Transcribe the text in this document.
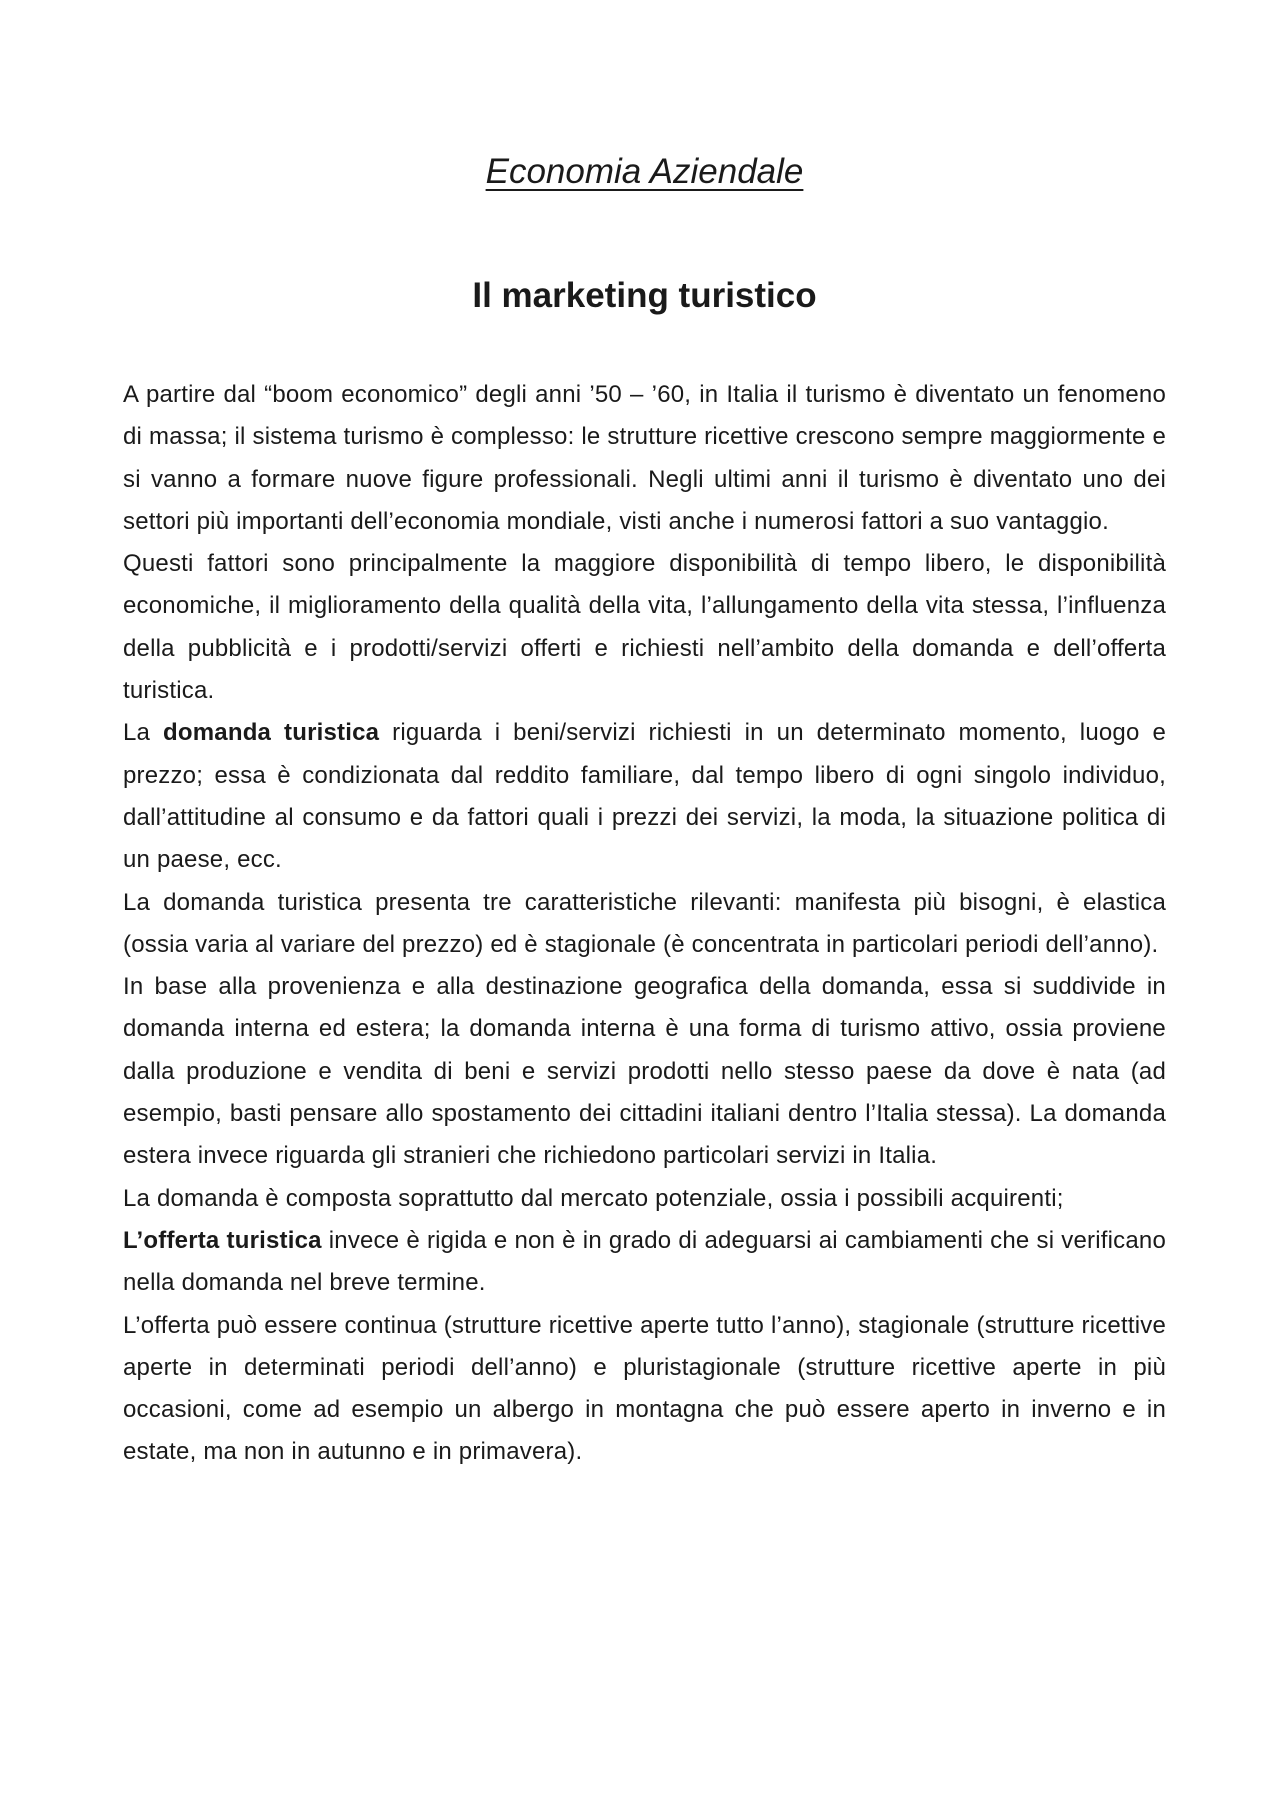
Economia Aziendale
Il marketing turistico

A partire dal “boom economico” degli anni ’50 – ’60, in Italia il turismo è diventato un fenomeno di massa; il sistema turismo è complesso: le strutture ricettive crescono sempre maggiormente e si vanno a formare nuove figure professionali. Negli ultimi anni il turismo è diventato uno dei settori più importanti dell’economia mondiale, visti anche i numerosi fattori a suo vantaggio.

Questi fattori sono principalmente la maggiore disponibilità di tempo libero, le disponibilità economiche, il miglioramento della qualità della vita, l’allungamento della vita stessa, l’influenza della pubblicità e i prodotti/servizi offerti e richiesti nell’ambito della domanda e dell’offerta turistica.

La domanda turistica riguarda i beni/servizi richiesti in un determinato momento, luogo e prezzo; essa è condizionata dal reddito familiare, dal tempo libero di ogni singolo individuo, dall’attitudine al consumo e da fattori quali i prezzi dei servizi, la moda, la situazione politica di un paese, ecc.

La domanda turistica presenta tre caratteristiche rilevanti: manifesta più bisogni, è elastica (ossia varia al variare del prezzo) ed è stagionale (è concentrata in particolari periodi dell’anno).

In base alla provenienza e alla destinazione geografica della domanda, essa si suddivide in domanda interna ed estera; la domanda interna è una forma di turismo attivo, ossia proviene dalla produzione e vendita di beni e servizi prodotti nello stesso paese da dove è nata (ad esempio, basti pensare allo spostamento dei cittadini italiani dentro l’Italia stessa). La domanda estera invece riguarda gli stranieri che richiedono particolari servizi in Italia.

La domanda è composta soprattutto dal mercato potenziale, ossia i possibili acquirenti;

L’offerta turistica invece è rigida e non è in grado di adeguarsi ai cambiamenti che si verificano nella domanda nel breve termine.

L’offerta può essere continua (strutture ricettive aperte tutto l’anno), stagionale (strutture ricettive aperte in determinati periodi dell’anno) e pluristagionale (strutture ricettive aperte in più occasioni, come ad esempio un albergo in montagna che può essere aperto in inverno e in estate, ma non in autunno e in primavera).
